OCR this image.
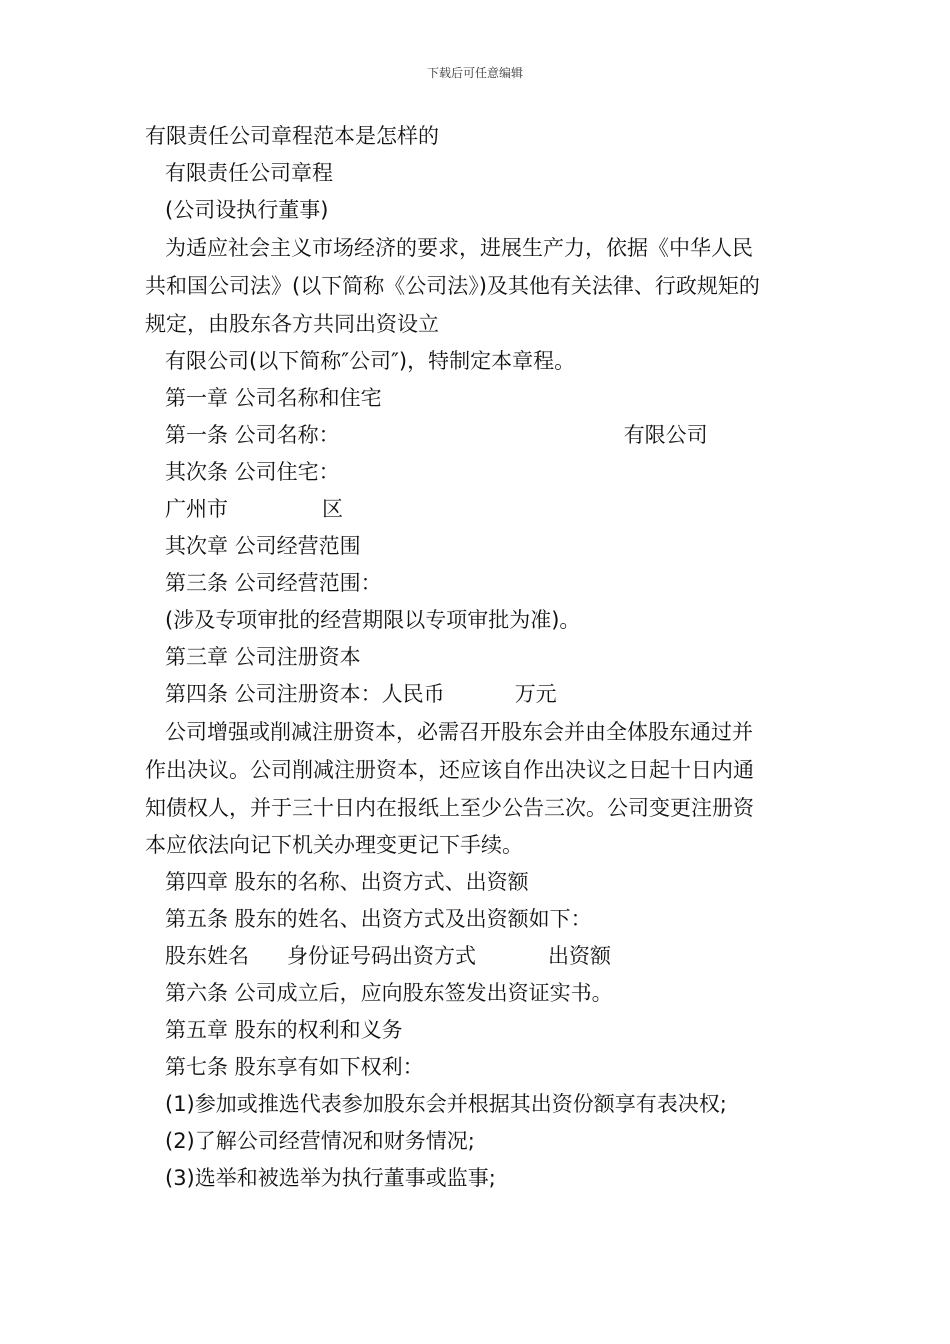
下载后可任意编辑
有限责任公司章程范本是怎样的
有限责任公司章程
(公司设执行董事)
为适应社会主义市场经济的要求，进展生产力，依据《中华人民
共和国公司法》(以下简称《公司法》)及其他有关法律、行政规矩的
规定，由股东各方共同出资设立
有限公司(以下简称″公司″)，特制定本章程。
第一章 公司名称和住宅
第一条 公司名称：	有限公司
其次条 公司住宅：
广州市	区
其次章 公司经营范围
第三条 公司经营范围：
(涉及专项审批的经营期限以专项审批为准)。
第三章 公司注册资本
第四条 公司注册资本：人民币	万元
公司增强或削减注册资本，必需召开股东会并由全体股东通过并
作出决议。公司削减注册资本，还应该自作出决议之日起十日内通
知债权人，并于三十日内在报纸上至少公告三次。公司变更注册资
本应依法向记下机关办理变更记下手续。
第四章 股东的名称、出资方式、出资额
第五条 股东的姓名、出资方式及出资额如下：
股东姓名 身份证号码出资方式	出资额
第六条 公司成立后，应向股东签发出资证实书。
第五章 股东的权利和义务
第七条 股东享有如下权利：
(1)参加或推选代表参加股东会并根据其出资份额享有表决权;
(2)了解公司经营情况和财务情况;
(3)选举和被选举为执行董事或监事;
